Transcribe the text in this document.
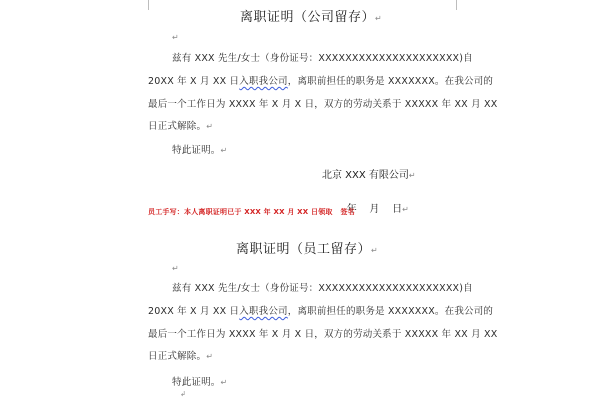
离职证明（公司留存）↵
↵
兹有 XXX 先生/女士（身份证号：XXXXXXXXXXXXXXXXXXXXX)自
20XX 年 X 月 XX 日入职我公司，离职前担任的职务是 XXXXXXX。在我公司的
最后一个工作日为 XXXX 年 X 月 X 日，双方的劳动关系于 XXXXX 年 XX 月 XX
日正式解除。↵
特此证明。↵
北京 XXX 有限公司↵

年    月    日↵

员工手写：本人离职证明已于 XXX 年 XX 月 XX 日领取   签名
离职证明（员工留存）↵
↵
兹有 XXX 先生/女士（身份证号：XXXXXXXXXXXXXXXXXXXXX)自
20XX 年 X 月 XX 日入职我公司，离职前担任的职务是 XXXXXXX。在我公司的
最后一个工作日为 XXXX 年 X 月 X 日，双方的劳动关系于 XXXXX 年 XX 月 XX
日正式解除。↵
特此证明。↵
↲
